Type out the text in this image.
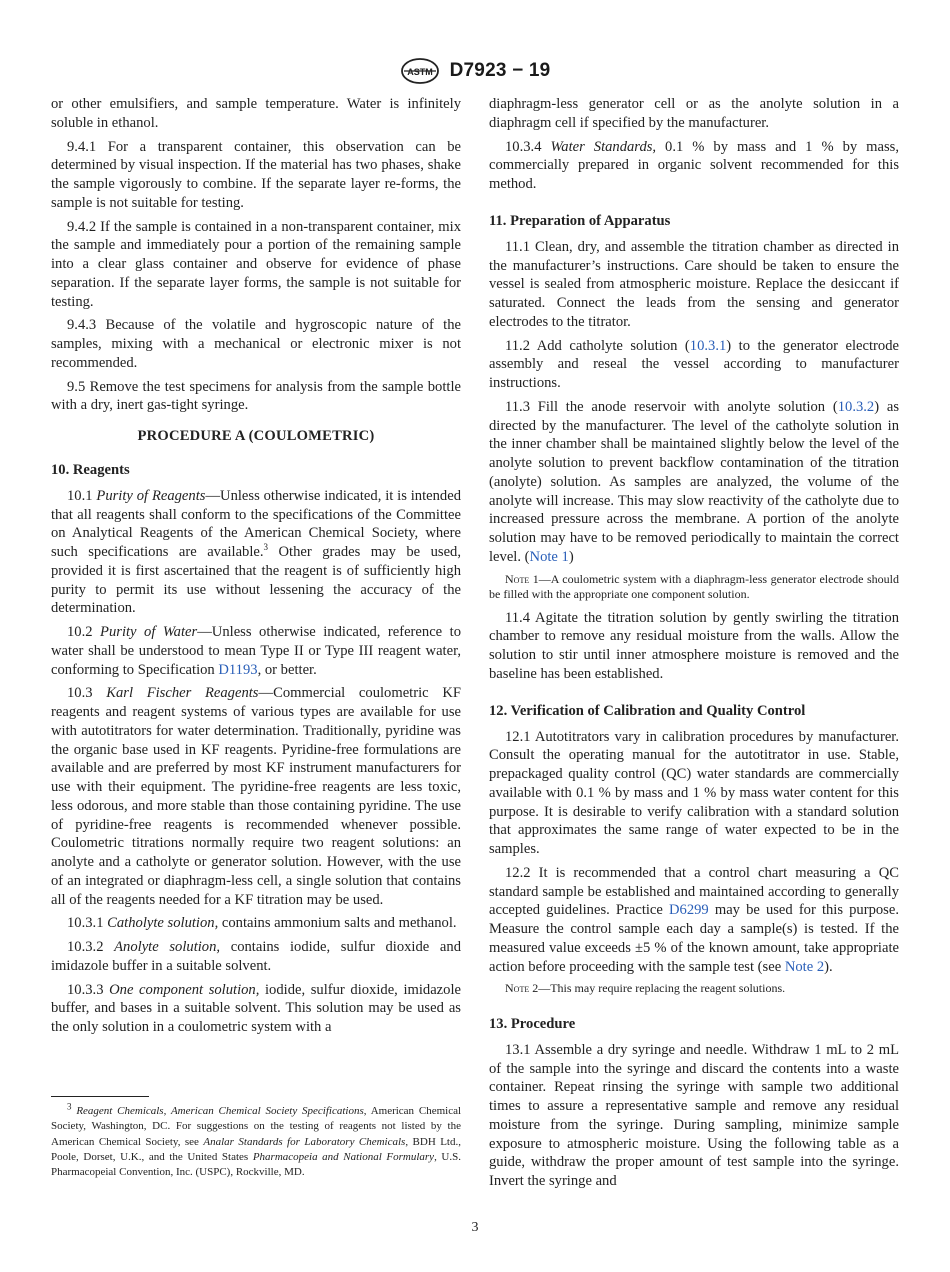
ASTM D7923 − 19

or other emulsifiers, and sample temperature. Water is infinitely soluble in ethanol.

9.4.1 For a transparent container, this observation can be determined by visual inspection. If the material has two phases, shake the sample vigorously to combine. If the separate layer re-forms, the sample is not suitable for testing.

9.4.2 If the sample is contained in a non-transparent container, mix the sample and immediately pour a portion of the remaining sample into a clear glass container and observe for evidence of phase separation. If the separate layer forms, the sample is not suitable for testing.

9.4.3 Because of the volatile and hygroscopic nature of the samples, mixing with a mechanical or electronic mixer is not recommended.

9.5 Remove the test specimens for analysis from the sample bottle with a dry, inert gas-tight syringe.

PROCEDURE A (COULOMETRIC)
10. Reagents

10.1 Purity of Reagents—Unless otherwise indicated, it is intended that all reagents shall conform to the specifications of the Committee on Analytical Reagents of the American Chemical Society, where such specifications are available.$^3$ Other grades may be used, provided it is first ascertained that the reagent is of sufficiently high purity to permit its use without lessening the accuracy of the determination.

10.2 Purity of Water—Unless otherwise indicated, reference to water shall be understood to mean Type II or Type III reagent water, conforming to Specification D1193, or better.

10.3 Karl Fischer Reagents—Commercial coulometric KF reagents and reagent systems of various types are available for use with autotitrators for water determination. Traditionally, pyridine was the organic base used in KF reagents. Pyridine-free formulations are available and are preferred by most KF instrument manufacturers for use with their equipment. The pyridine-free reagents are less toxic, less odorous, and more stable than those containing pyridine. The use of pyridine-free reagents is recommended whenever possible. Coulometric titrations normally require two reagent solutions: an anolyte and a catholyte or generator solution. However, with the use of an integrated or diaphragm-less cell, a single solution that contains all of the reagents needed for a KF titration may be used.

10.3.1 Catholyte solution, contains ammonium salts and methanol.

10.3.2 Anolyte solution, contains iodide, sulfur dioxide and imidazole buffer in a suitable solvent.

10.3.3 One component solution, iodide, sulfur dioxide, imidazole buffer, and bases in a suitable solvent. This solution may be used as the only solution in a coulometric system with a

$^3$ Reagent Chemicals, American Chemical Society Specifications, American Chemical Society, Washington, DC. For suggestions on the testing of reagents not listed by the American Chemical Society, see Analar Standards for Laboratory Chemicals, BDH Ltd., Poole, Dorset, U.K., and the United States Pharmacopeia and National Formulary, U.S. Pharmacopeial Convention, Inc. (USPC), Rockville, MD.

diaphragm-less generator cell or as the anolyte solution in a diaphragm cell if specified by the manufacturer.

10.3.4 Water Standards, 0.1 % by mass and 1 % by mass, commercially prepared in organic solvent recommended for this method.

11. Preparation of Apparatus

11.1 Clean, dry, and assemble the titration chamber as directed in the manufacturer’s instructions. Care should be taken to ensure the vessel is sealed from atmospheric moisture. Replace the desiccant if saturated. Connect the leads from the sensing and generator electrodes to the titrator.

11.2 Add catholyte solution (10.3.1) to the generator electrode assembly and reseal the vessel according to manufacturer instructions.

11.3 Fill the anode reservoir with anolyte solution (10.3.2) as directed by the manufacturer. The level of the catholyte solution in the inner chamber shall be maintained slightly below the level of the anolyte solution to prevent backflow contamination of the titration (anolyte) solution. As samples are analyzed, the volume of the anolyte will increase. This may slow reactivity of the catholyte due to increased pressure across the membrane. A portion of the anolyte solution may have to be removed periodically to maintain the correct level. (Note 1)

Note 1—A coulometric system with a diaphragm-less generator electrode should be filled with the appropriate one component solution.

11.4 Agitate the titration solution by gently swirling the titration chamber to remove any residual moisture from the walls. Allow the solution to stir until inner atmosphere moisture is removed and the baseline has been established.

12. Verification of Calibration and Quality Control

12.1 Autotitrators vary in calibration procedures by manufacturer. Consult the operating manual for the autotitrator in use. Stable, prepackaged quality control (QC) water standards are commercially available with 0.1 % by mass and 1 % by mass water content for this purpose. It is desirable to verify calibration with a standard solution that approximates the same range of water expected to be in the samples.

12.2 It is recommended that a control chart measuring a QC standard sample be established and maintained according to generally accepted guidelines. Practice D6299 may be used for this purpose. Measure the control sample each day a sample(s) is tested. If the measured value exceeds ±5 % of the known amount, take appropriate action before proceeding with the sample test (see Note 2).

Note 2—This may require replacing the reagent solutions.
13. Procedure

13.1 Assemble a dry syringe and needle. Withdraw 1 mL to 2 mL of the sample into the syringe and discard the contents into a waste container. Repeat rinsing the syringe with sample two additional times to assure a representative sample and remove any residual moisture from the syringe. During sampling, minimize sample exposure to atmospheric moisture. Using the following table as a guide, withdraw the proper amount of test sample into the syringe. Invert the syringe and

3
